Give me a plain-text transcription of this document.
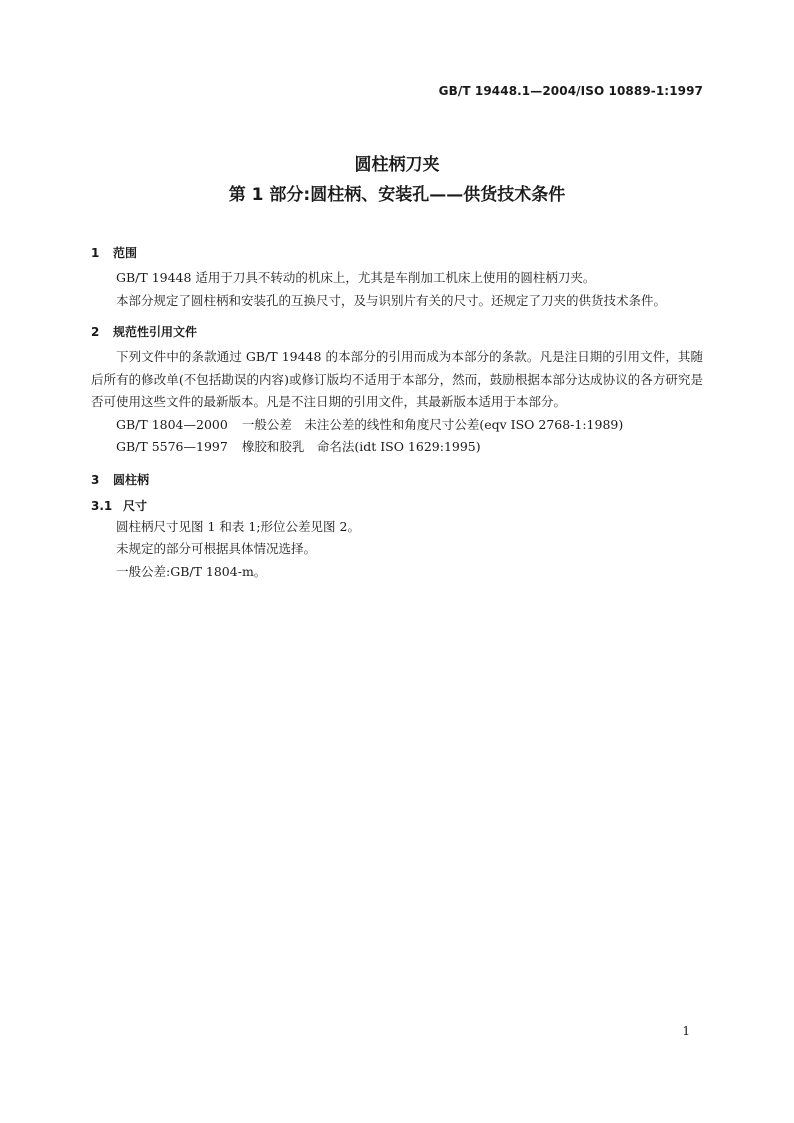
GB/T 19448.1—2004/ISO 10889-1:1997

圆柱柄刀夹

第 1 部分:圆柱柄、安装孔——供货技术条件

1 范围

GB/T 19448 适用于刀具不转动的机床上，尤其是车削加工机床上使用的圆柱柄刀夹。

本部分规定了圆柱柄和安装孔的互换尺寸，及与识别片有关的尺寸。还规定了刀夹的供货技术条件。

2 规范性引用文件

下列文件中的条款通过 GB/T 19448 的本部分的引用而成为本部分的条款。凡是注日期的引用文件，其随后所有的修改单(不包括勘误的内容)或修订版均不适用于本部分，然而，鼓励根据本部分达成协议的各方研究是否可使用这些文件的最新版本。凡是不注日期的引用文件，其最新版本适用于本部分。

GB/T 1804—2000 一般公差　未注公差的线性和角度尺寸公差(eqv ISO 2768-1:1989)

GB/T 5576—1997 橡胶和胶乳　命名法(idt ISO 1629:1995)

3 圆柱柄

3.1 尺寸

圆柱柄尺寸见图 1 和表 1;形位公差见图 2。

未规定的部分可根据具体情况选择。

一般公差:GB/T 1804-m。

1
